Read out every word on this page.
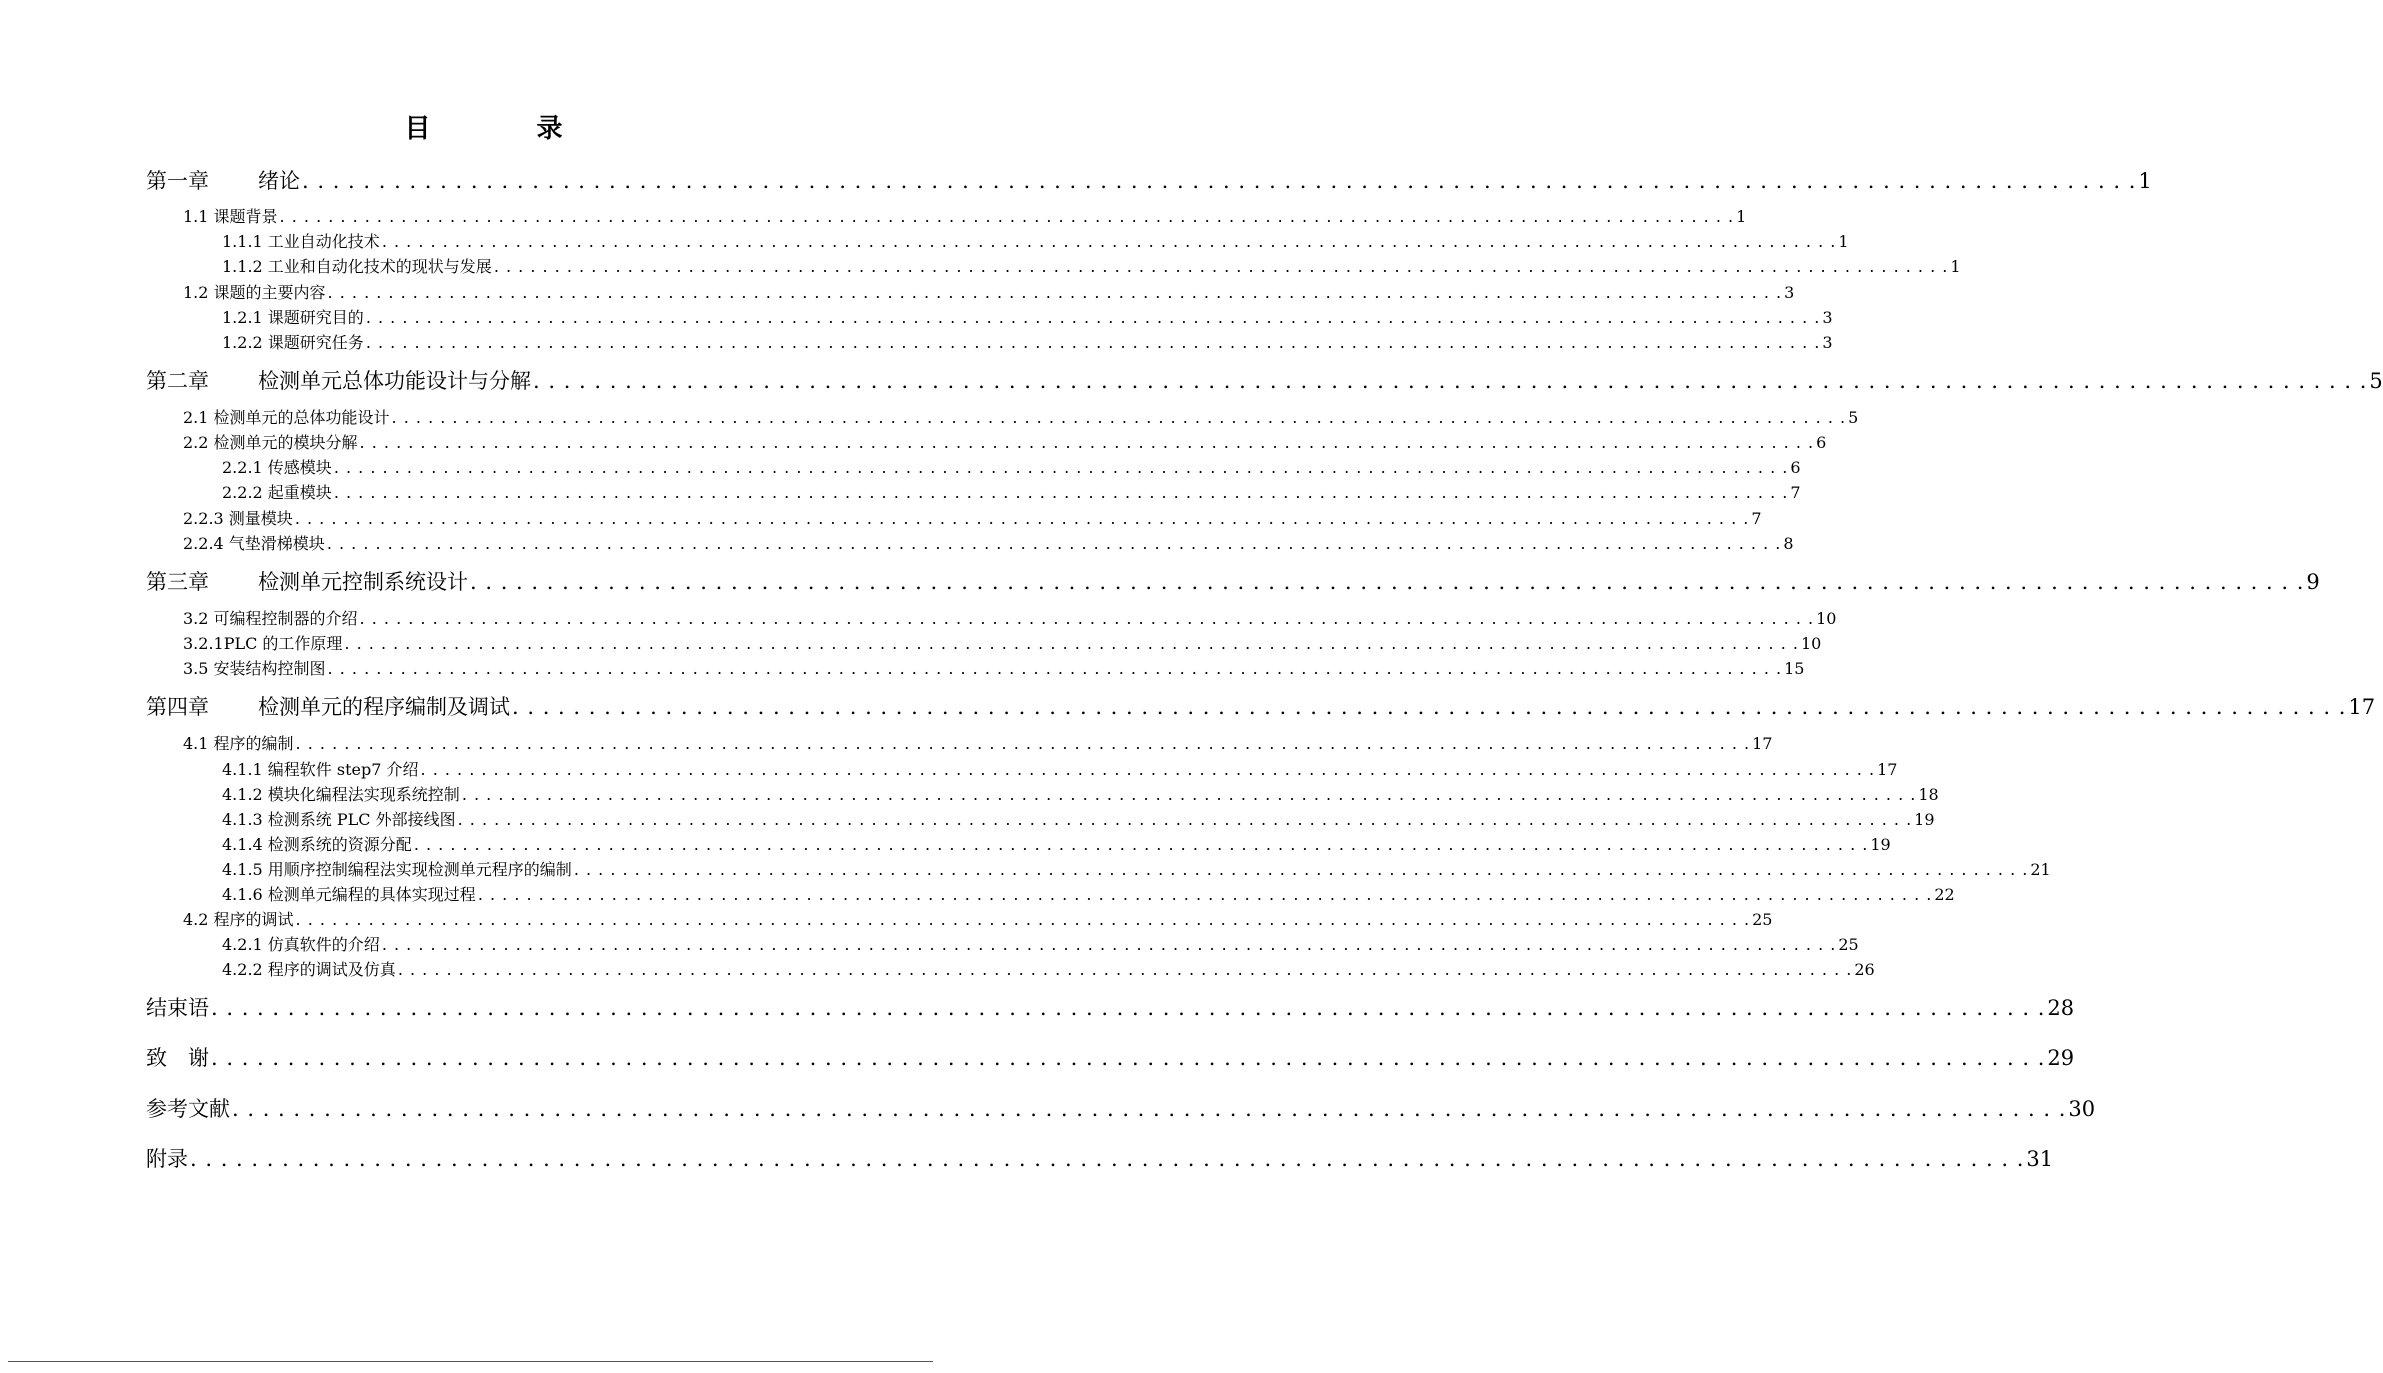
目　录
第一章 绪论 . . . . . . . . . . . . . . . . . . . . . . . . . . . . . . . . . . . . . . . . . . . . . . . . . . . . . . . . . . . . . . . . . . . . . . . . . . . . . . . . . . . . . . . . . . . . . . . . . . . . . . . . . . . . . . . . . . . . . . . . 1
1.1 课题背景 . . . . . . . . . . . . . . . . . . . . . . . . . . . . . . . . . . . . . . . . . . . . . . . . . . . . . . . . . . . . . . . . . . . . . . . . . . . . . . . . . . . . . . . . . . . . . . . . . . . . . . . . . . . . . . . . . . . . . . . . 1
1.1.1 工业自动化技术 . . . . . . . . . . . . . . . . . . . . . . . . . . . . . . . . . . . . . . . . . . . . . . . . . . . . . . . . . . . . . . . . . . . . . . . . . . . . . . . . . . . . . . . . . . . . . . . . . . . . . . . . . . . . . . . . . . . . . . . . 1
1.1.2 工业和自动化技术的现状与发展 . . . . . . . . . . . . . . . . . . . . . . . . . . . . . . . . . . . . . . . . . . . . . . . . . . . . . . . . . . . . . . . . . . . . . . . . . . . . . . . . . . . . . . . . . . . . . . . . . . . . . . . . . . . . . . . . . . . . . . . . 1
1.2 课题的主要内容 . . . . . . . . . . . . . . . . . . . . . . . . . . . . . . . . . . . . . . . . . . . . . . . . . . . . . . . . . . . . . . . . . . . . . . . . . . . . . . . . . . . . . . . . . . . . . . . . . . . . . . . . . . . . . . . . . . . . . . . . 3
1.2.1 课题研究目的 . . . . . . . . . . . . . . . . . . . . . . . . . . . . . . . . . . . . . . . . . . . . . . . . . . . . . . . . . . . . . . . . . . . . . . . . . . . . . . . . . . . . . . . . . . . . . . . . . . . . . . . . . . . . . . . . . . . . . . . . 3
1.2.2 课题研究任务 . . . . . . . . . . . . . . . . . . . . . . . . . . . . . . . . . . . . . . . . . . . . . . . . . . . . . . . . . . . . . . . . . . . . . . . . . . . . . . . . . . . . . . . . . . . . . . . . . . . . . . . . . . . . . . . . . . . . . . . . 3
第二章 检测单元总体功能设计与分解 . . . . . . . . . . . . . . . . . . . . . . . . . . . . . . . . . . . . . . . . . . . . . . . . . . . . . . . . . . . . . . . . . . . . . . . . . . . . . . . . . . . . . . . . . . . . . . . . . . . . . . . . . . . . . . . . . . . . . . . . 5
2.1 检测单元的总体功能设计 . . . . . . . . . . . . . . . . . . . . . . . . . . . . . . . . . . . . . . . . . . . . . . . . . . . . . . . . . . . . . . . . . . . . . . . . . . . . . . . . . . . . . . . . . . . . . . . . . . . . . . . . . . . . . . . . . . . . . . . . 5
2.2 检测单元的模块分解 . . . . . . . . . . . . . . . . . . . . . . . . . . . . . . . . . . . . . . . . . . . . . . . . . . . . . . . . . . . . . . . . . . . . . . . . . . . . . . . . . . . . . . . . . . . . . . . . . . . . . . . . . . . . . . . . . . . . . . . . 6
2.2.1 传感模块 . . . . . . . . . . . . . . . . . . . . . . . . . . . . . . . . . . . . . . . . . . . . . . . . . . . . . . . . . . . . . . . . . . . . . . . . . . . . . . . . . . . . . . . . . . . . . . . . . . . . . . . . . . . . . . . . . . . . . . . . 6
2.2.2 起重模块 . . . . . . . . . . . . . . . . . . . . . . . . . . . . . . . . . . . . . . . . . . . . . . . . . . . . . . . . . . . . . . . . . . . . . . . . . . . . . . . . . . . . . . . . . . . . . . . . . . . . . . . . . . . . . . . . . . . . . . . . 7
2.2.3 测量模块 . . . . . . . . . . . . . . . . . . . . . . . . . . . . . . . . . . . . . . . . . . . . . . . . . . . . . . . . . . . . . . . . . . . . . . . . . . . . . . . . . . . . . . . . . . . . . . . . . . . . . . . . . . . . . . . . . . . . . . . . 7
2.2.4 气垫滑梯模块 . . . . . . . . . . . . . . . . . . . . . . . . . . . . . . . . . . . . . . . . . . . . . . . . . . . . . . . . . . . . . . . . . . . . . . . . . . . . . . . . . . . . . . . . . . . . . . . . . . . . . . . . . . . . . . . . . . . . . . . . 8
第三章 检测单元控制系统设计 . . . . . . . . . . . . . . . . . . . . . . . . . . . . . . . . . . . . . . . . . . . . . . . . . . . . . . . . . . . . . . . . . . . . . . . . . . . . . . . . . . . . . . . . . . . . . . . . . . . . . . . . . . . . . . . . . . . . . . . . 9
3.2 可编程控制器的介绍 . . . . . . . . . . . . . . . . . . . . . . . . . . . . . . . . . . . . . . . . . . . . . . . . . . . . . . . . . . . . . . . . . . . . . . . . . . . . . . . . . . . . . . . . . . . . . . . . . . . . . . . . . . . . . . . . . . . . . . . . 10
3.2.1PLC 的工作原理 . . . . . . . . . . . . . . . . . . . . . . . . . . . . . . . . . . . . . . . . . . . . . . . . . . . . . . . . . . . . . . . . . . . . . . . . . . . . . . . . . . . . . . . . . . . . . . . . . . . . . . . . . . . . . . . . . . . . . . . . 10
3.5 安装结构控制图 . . . . . . . . . . . . . . . . . . . . . . . . . . . . . . . . . . . . . . . . . . . . . . . . . . . . . . . . . . . . . . . . . . . . . . . . . . . . . . . . . . . . . . . . . . . . . . . . . . . . . . . . . . . . . . . . . . . . . . . . 15
第四章 检测单元的程序编制及调试 . . . . . . . . . . . . . . . . . . . . . . . . . . . . . . . . . . . . . . . . . . . . . . . . . . . . . . . . . . . . . . . . . . . . . . . . . . . . . . . . . . . . . . . . . . . . . . . . . . . . . . . . . . . . . . . . . . . . . . . . 17
4.1 程序的编制 . . . . . . . . . . . . . . . . . . . . . . . . . . . . . . . . . . . . . . . . . . . . . . . . . . . . . . . . . . . . . . . . . . . . . . . . . . . . . . . . . . . . . . . . . . . . . . . . . . . . . . . . . . . . . . . . . . . . . . . . 17
4.1.1 编程软件 step7 介绍 . . . . . . . . . . . . . . . . . . . . . . . . . . . . . . . . . . . . . . . . . . . . . . . . . . . . . . . . . . . . . . . . . . . . . . . . . . . . . . . . . . . . . . . . . . . . . . . . . . . . . . . . . . . . . . . . . . . . . . . . 17
4.1.2 模块化编程法实现系统控制 . . . . . . . . . . . . . . . . . . . . . . . . . . . . . . . . . . . . . . . . . . . . . . . . . . . . . . . . . . . . . . . . . . . . . . . . . . . . . . . . . . . . . . . . . . . . . . . . . . . . . . . . . . . . . . . . . . . . . . . . 18
4.1.3 检测系统 PLC 外部接线图 . . . . . . . . . . . . . . . . . . . . . . . . . . . . . . . . . . . . . . . . . . . . . . . . . . . . . . . . . . . . . . . . . . . . . . . . . . . . . . . . . . . . . . . . . . . . . . . . . . . . . . . . . . . . . . . . . . . . . . . . 19
4.1.4 检测系统的资源分配 . . . . . . . . . . . . . . . . . . . . . . . . . . . . . . . . . . . . . . . . . . . . . . . . . . . . . . . . . . . . . . . . . . . . . . . . . . . . . . . . . . . . . . . . . . . . . . . . . . . . . . . . . . . . . . . . . . . . . . . . 19
4.1.5 用顺序控制编程法实现检测单元程序的编制 . . . . . . . . . . . . . . . . . . . . . . . . . . . . . . . . . . . . . . . . . . . . . . . . . . . . . . . . . . . . . . . . . . . . . . . . . . . . . . . . . . . . . . . . . . . . . . . . . . . . . . . . . . . . . . . . . . . . . . . . 21
4.1.6 检测单元编程的具体实现过程 . . . . . . . . . . . . . . . . . . . . . . . . . . . . . . . . . . . . . . . . . . . . . . . . . . . . . . . . . . . . . . . . . . . . . . . . . . . . . . . . . . . . . . . . . . . . . . . . . . . . . . . . . . . . . . . . . . . . . . . . 22
4.2 程序的调试 . . . . . . . . . . . . . . . . . . . . . . . . . . . . . . . . . . . . . . . . . . . . . . . . . . . . . . . . . . . . . . . . . . . . . . . . . . . . . . . . . . . . . . . . . . . . . . . . . . . . . . . . . . . . . . . . . . . . . . . . 25
4.2.1 仿真软件的介绍 . . . . . . . . . . . . . . . . . . . . . . . . . . . . . . . . . . . . . . . . . . . . . . . . . . . . . . . . . . . . . . . . . . . . . . . . . . . . . . . . . . . . . . . . . . . . . . . . . . . . . . . . . . . . . . . . . . . . . . . . 25
4.2.2 程序的调试及仿真 . . . . . . . . . . . . . . . . . . . . . . . . . . . . . . . . . . . . . . . . . . . . . . . . . . . . . . . . . . . . . . . . . . . . . . . . . . . . . . . . . . . . . . . . . . . . . . . . . . . . . . . . . . . . . . . . . . . . . . . . 26
结束语 . . . . . . . . . . . . . . . . . . . . . . . . . . . . . . . . . . . . . . . . . . . . . . . . . . . . . . . . . . . . . . . . . . . . . . . . . . . . . . . . . . . . . . . . . . . . . . . . . . . . . . . . . . . . . . . . . . . . . . . . 28
致　谢 . . . . . . . . . . . . . . . . . . . . . . . . . . . . . . . . . . . . . . . . . . . . . . . . . . . . . . . . . . . . . . . . . . . . . . . . . . . . . . . . . . . . . . . . . . . . . . . . . . . . . . . . . . . . . . . . . . . . . . . . 29
参考文献 . . . . . . . . . . . . . . . . . . . . . . . . . . . . . . . . . . . . . . . . . . . . . . . . . . . . . . . . . . . . . . . . . . . . . . . . . . . . . . . . . . . . . . . . . . . . . . . . . . . . . . . . . . . . . . . . . . . . . . . . 30
附录 . . . . . . . . . . . . . . . . . . . . . . . . . . . . . . . . . . . . . . . . . . . . . . . . . . . . . . . . . . . . . . . . . . . . . . . . . . . . . . . . . . . . . . . . . . . . . . . . . . . . . . . . . . . . . . . . . . . . . . . . 31
